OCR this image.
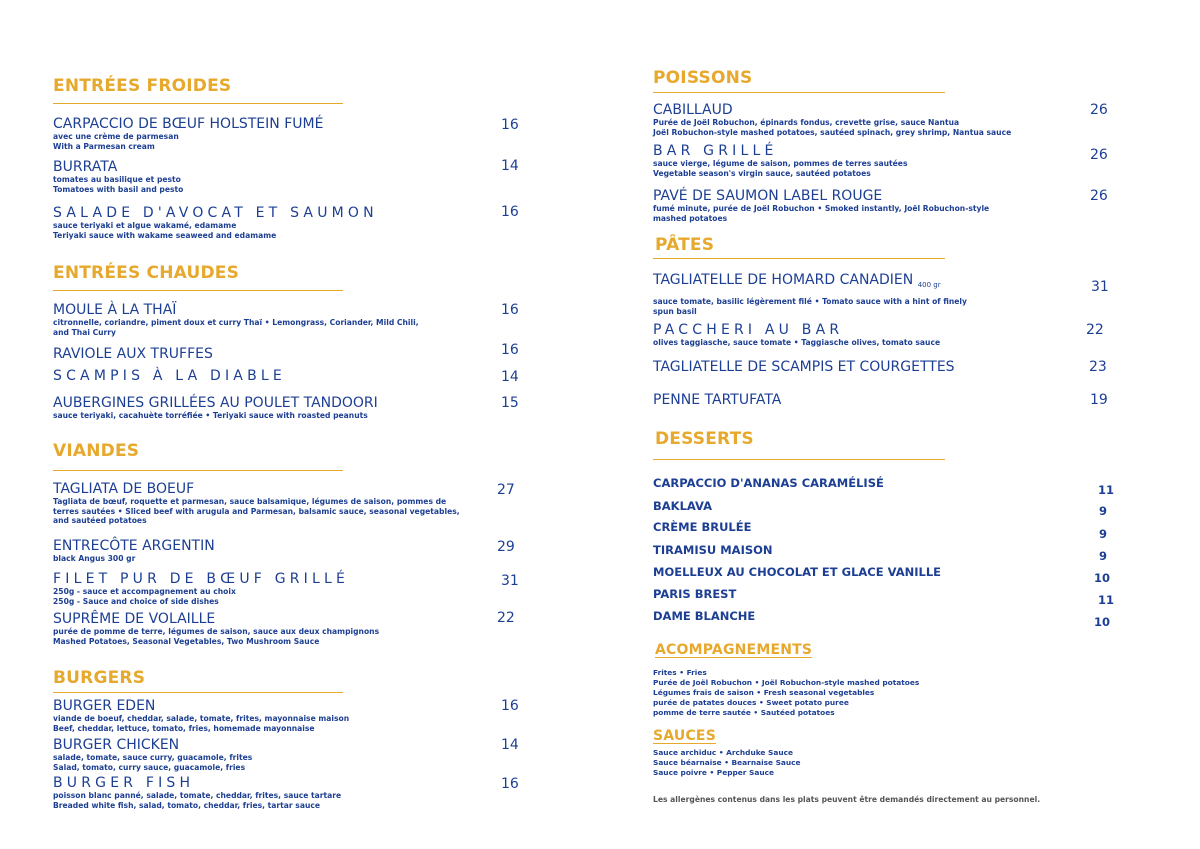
ENTRÉES FROIDES
CARPACCIO DE BŒUF HOLSTEIN FUMÉ
avec une crème de parmesan
With a Parmesan cream
16
BURRATA
tomates au basilique et pesto
Tomatoes with basil and pesto
14
SALADE D'AVOCAT ET SAUMON
sauce teriyaki et algue wakamé, edamame
Teriyaki sauce with wakame seaweed and edamame
16
ENTRÉES CHAUDES
MOULE À LA THAÏ
citronnelle, coriandre, piment doux et curry Thaï • Lemongrass, Coriander, Mild Chili,
and Thai Curry
16
RAVIOLE AUX TRUFFES	16
SCAMPIS À LA DIABLE	14
AUBERGINES GRILLÉES AU POULET TANDOORI
sauce teriyaki, cacahuète torréfiée • Teriyaki sauce with roasted peanuts
15
VIANDES
TAGLIATA DE BOEUF
Tagliata de bœuf, roquette et parmesan, sauce balsamique, légumes de saison, pommes de
terres sautées • Sliced beef with arugula and Parmesan, balsamic sauce, seasonal vegetables,
and sautéed potatoes
27
ENTRECÔTE ARGENTIN
black Angus 300 gr
29
FILET PUR DE BŒUF GRILLÉ
250g - sauce et accompagnement au choix
250g - Sauce and choice of side dishes
31
SUPRÊME DE VOLAILLE
purée de pomme de terre, légumes de saison, sauce aux deux champignons
Mashed Potatoes, Seasonal Vegetables, Two Mushroom Sauce
22
BURGERS
BURGER EDEN
viande de boeuf, cheddar, salade, tomate, frites, mayonnaise maison
Beef, cheddar, lettuce, tomato, fries, homemade mayonnaise
16
BURGER CHICKEN
salade, tomate, sauce curry, guacamole, frites
Salad, tomato, curry sauce, guacamole, fries
14
BURGER FISH
poisson blanc panné, salade, tomate, cheddar, frites, sauce tartare
Breaded white fish, salad, tomato, cheddar, fries, tartar sauce
16
POISSONS
CABILLAUD
Purée de Joël Robuchon, épinards fondus, crevette grise, sauce Nantua
Joël Robuchon-style mashed potatoes, sautéed spinach, grey shrimp, Nantua sauce
26
BAR GRILLÉ
sauce vierge, légume de saison, pommes de terres sautées
Vegetable season's virgin sauce, sautéed potatoes
26
PAVÉ DE SAUMON LABEL ROUGE
fumé minute, purée de Joël Robuchon • Smoked instantly, Joël Robuchon-style
mashed potatoes
26
PÂTES
TAGLIATELLE DE HOMARD CANADIEN $_{400 gr}$
sauce tomate, basilic légèrement filé • Tomato sauce with a hint of finely
spun basil
31
PACCHERI AU BAR
olives taggiasche, sauce tomate • Taggiasche olives, tomato sauce
22
TAGLIATELLE DE SCAMPIS ET COURGETTES	23
PENNE TARTUFATA	19
DESSERTS
CARPACCIO D'ANANAS CARAMÉLISÉ	11
BAKLAVA	9
CRÈME BRULÉE	9
TIRAMISU MAISON	9
MOELLEUX AU CHOCOLAT ET GLACE VANILLE	10
PARIS BREST	11
DAME BLANCHE	10
ACOMPAGNEMENTS
Frites • Fries
Purée de Joël Robuchon • Joël Robuchon-style mashed potatoes
Légumes frais de saison • Fresh seasonal vegetables
purée de patates douces • Sweet potato puree
pomme de terre sautée • Sautéed potatoes
SAUCES
Sauce archiduc • Archduke Sauce
Sauce béarnaise • Bearnaise Sauce
Sauce poivre • Pepper Sauce
Les allergènes contenus dans les plats peuvent être demandés directement au personnel.
